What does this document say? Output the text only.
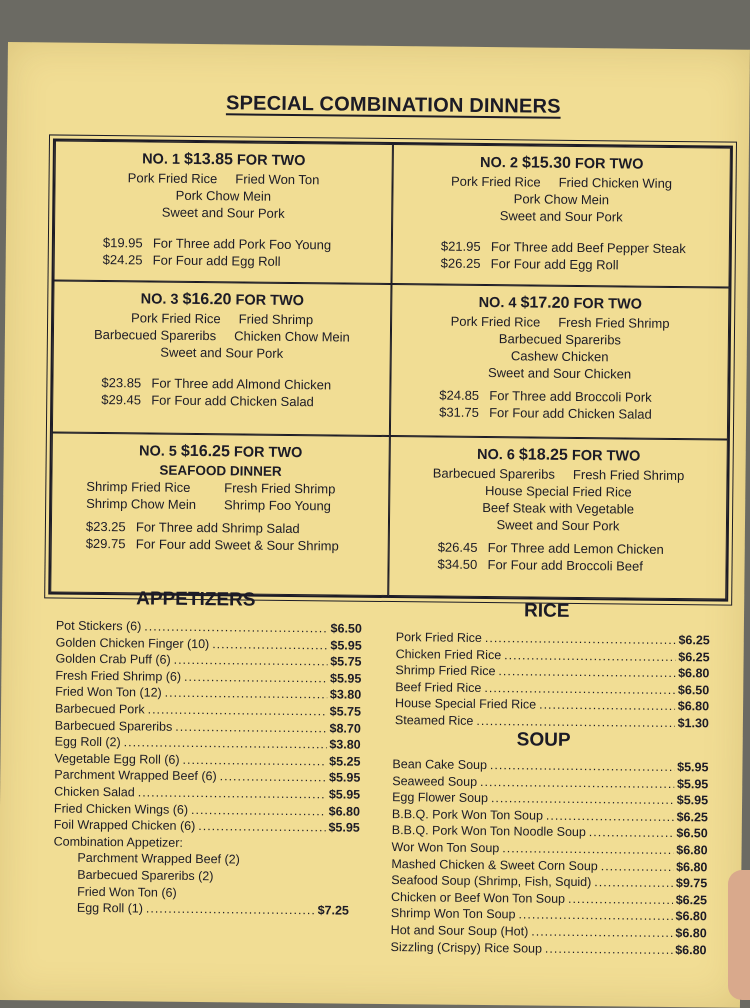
SPECIAL COMBINATION DINNERS
NO. 1 $13.85 FOR TWO
Pork Fried Rice     Fried Won Ton
Pork Chow Mein
Sweet and Sour Pork
$19.95 For Three add Pork Foo Young
$24.25 For Four add Egg Roll
NO. 2 $15.30 FOR TWO
Pork Fried Rice     Fried Chicken Wing
Pork Chow Mein
Sweet and Sour Pork
$21.95 For Three add Beef Pepper Steak
$26.25 For Four add Egg Roll
NO. 3 $16.20 FOR TWO
Pork Fried Rice     Fried Shrimp
Barbecued Spareribs     Chicken Chow Mein
Sweet and Sour Pork
$23.85 For Three add Almond Chicken
$29.45 For Four add Chicken Salad
NO. 4 $17.20 FOR TWO
Pork Fried Rice     Fresh Fried Shrimp
Barbecued Spareribs
Cashew Chicken
Sweet and Sour Chicken
$24.85 For Three add Broccoli Pork
$31.75 For Four add Chicken Salad
NO. 5 $16.25 FOR TWO
SEAFOOD DINNER
Shrimp Fried Rice
Shrimp Chow Mein
Fresh Fried Shrimp
Shrimp Foo Young
$23.25 For Three add Shrimp Salad
$29.75 For Four add Sweet & Sour Shrimp
NO. 6 $18.25 FOR TWO
Barbecued Spareribs     Fresh Fried Shrimp
House Special Fried Rice
Beef Steak with Vegetable
Sweet and Sour Pork
$26.45 For Three add Lemon Chicken
$34.50 For Four add Broccoli Beef
APPETIZERS
Pot Stickers (6) .....	$6.50
Golden Chicken Finger (10) .....	$5.95
Golden Crab Puff (6) .....	$5.75
Fresh Fried Shrimp (6) .....	$5.95
Fried Won Ton (12) .....	$3.80
Barbecued Pork .....	$5.75
Barbecued Spareribs .....	$8.70
Egg Roll (2) .....	$3.80
Vegetable Egg Roll (6) .....	$5.25
Parchment Wrapped Beef (6) .....	$5.95
Chicken Salad .....	$5.95
Fried Chicken Wings (6) .....	$6.80
Foil Wrapped Chicken (6) .....	$5.95
Combination Appetizer:
Parchment Wrapped Beef (2)
Barbecued Spareribs (2)
Fried Won Ton (6)
Egg Roll (1) .....	$7.25
RICE
Pork Fried Rice .....	$6.25
Chicken Fried Rice .....	$6.25
Shrimp Fried Rice .....	$6.80
Beef Fried Rice .....	$6.50
House Special Fried Rice .....	$6.80
Steamed Rice .....	$1.30
SOUP
Bean Cake Soup .....	$5.95
Seaweed Soup .....	$5.95
Egg Flower Soup .....	$5.95
B.B.Q. Pork Won Ton Soup .....	$6.25
B.B.Q. Pork Won Ton Noodle Soup .....	$6.50
Wor Won Ton Soup .....	$6.80
Mashed Chicken & Sweet Corn Soup .....	$6.80
Seafood Soup (Shrimp, Fish, Squid) .....	$9.75
Chicken or Beef Won Ton Soup .....	$6.25
Shrimp Won Ton Soup .....	$6.80
Hot and Sour Soup (Hot) .....	$6.80
Sizzling (Crispy) Rice Soup .....	$6.80
